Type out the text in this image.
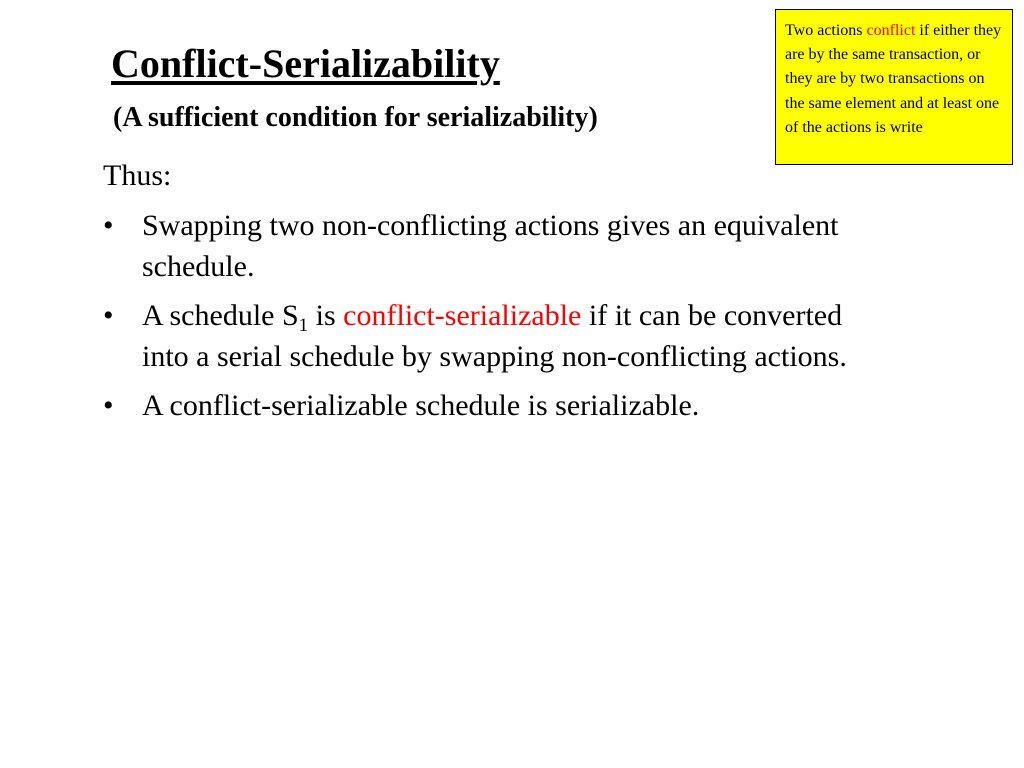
Conflict-Serializability
(A sufficient condition for serializability)
Two actions conflict if either they are by the same transaction, or they are by two transactions on the same element and at least one of the actions is write
Thus:
• Swapping two non-conflicting actions gives an equivalent schedule.
• A schedule $S_1$ is conflict-serializable if it can be converted into a serial schedule by swapping non-conflicting actions.
• A conflict-serializable schedule is serializable.
